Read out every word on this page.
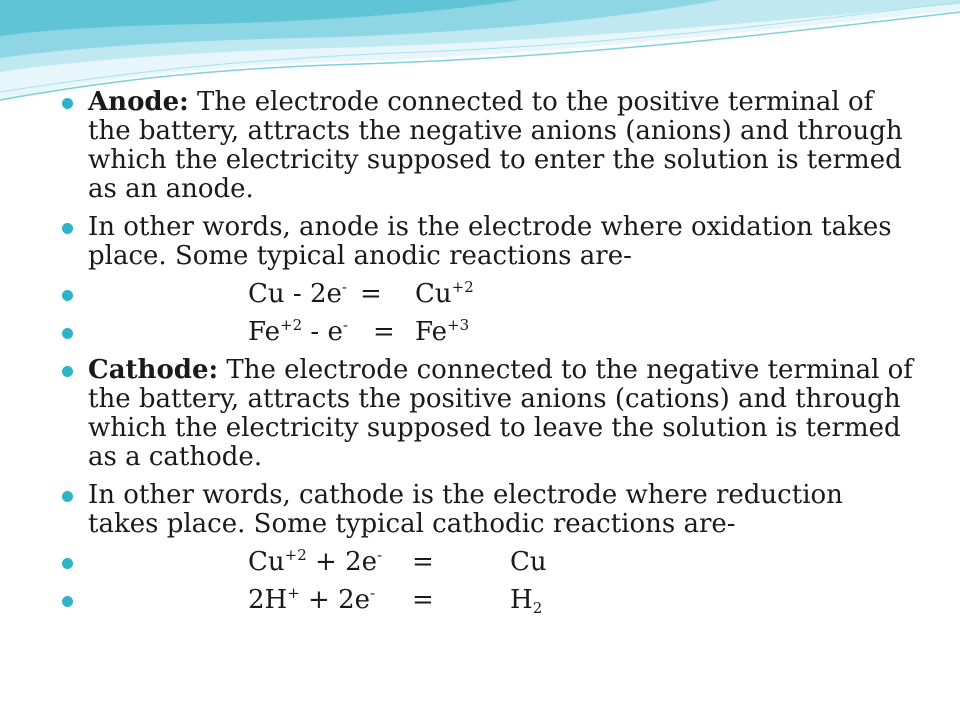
Anode: The electrode connected to the positive terminal of the battery, attracts the negative anions (anions) and through which the electricity supposed to enter the solution is termed as an anode.
In other words, anode is the electrode where oxidation takes place. Some typical anodic reactions are-
$Cu - 2e^- = Cu^{+2}$
$Fe^{+2} - e^- = Fe^{+3}$
Cathode: The electrode connected to the negative terminal of the battery, attracts the positive anions (cations) and through which the electricity supposed to leave the solution is termed as a cathode.
In other words, cathode is the electrode where reduction takes place. Some typical cathodic reactions are-
$Cu^{+2} + 2e^-$ =	Cu
2H+ + 2e- =	$H_2$
